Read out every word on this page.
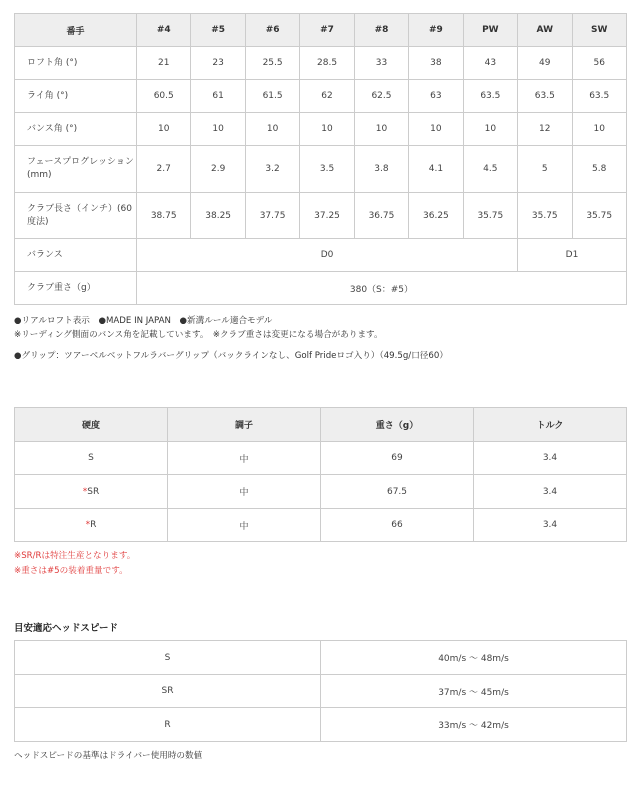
番手	#4	#5	#6	#7	#8	#9	PW	AW	SW
ロフト角 (°)	21	23	25.5	28.5	33	38	43	49	56
ライ角 (°)	60.5	61	61.5	62	62.5	63	63.5	63.5	63.5
バンス角 (°)	10	10	10	10	10	10	10	12	10
フェースプログレッション (mm)	2.7	2.9	3.2	3.5	3.8	4.1	4.5	5	5.8
クラブ長さ（インチ）(60度法)	38.75	38.25	37.75	37.25	36.75	36.25	35.75	35.75	35.75
バランス	D0							D1	
クラブ重さ（g）	380（S：#5）								
●リアルロフト表示　●MADE IN JAPAN　●新溝ルール適合モデル
※リーディング側面のバンス角を記載しています。　※クラブ重さは変更になる場合があります。
●グリップ：ツアーベルベットフルラバーグリップ（バックラインなし、Golf Prideロゴ入り）（49.5g/口径60）
硬度	調子	重さ（g）	トルク
S	中	69	3.4
*SR	中	67.5	3.4
*R	中	66	3.4
※SR/Rは特注生産となります。
※重さは#5の装着重量です。
目安適応ヘッドスピード
S	40m/s ～ 48m/s
SR	37m/s ～ 45m/s
R	33m/s ～ 42m/s
ヘッドスピードの基準はドライバー使用時の数値
